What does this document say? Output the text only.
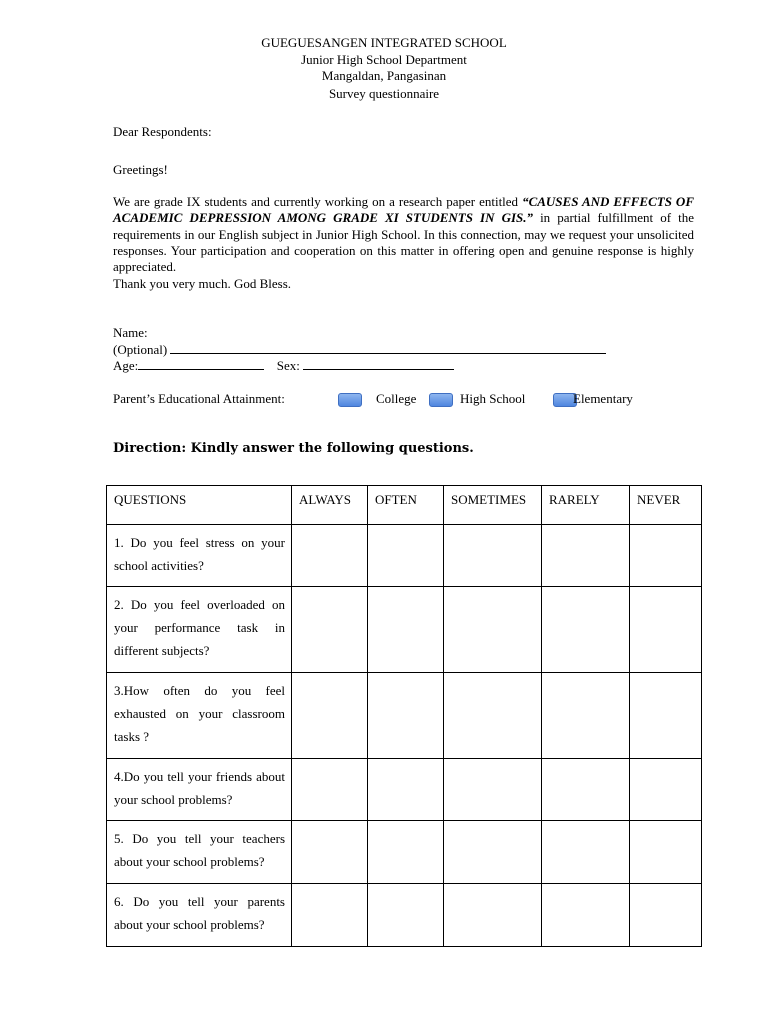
GUEGUESANGEN INTEGRATED SCHOOL
Junior High School Department
Mangaldan, Pangasinan
Survey questionnaire
Dear Respondents:
Greetings!
We are grade IX students and currently working on a research paper entitled “CAUSES AND EFFECTS OF ACADEMIC DEPRESSION AMONG GRADE XI STUDENTS IN GIS.” in partial fulfillment of the requirements in our English subject in Junior High School. In this connection, may we request your unsolicited responses. Your participation and cooperation on this matter in offering open and genuine response is highly appreciated.
Thank you very much. God Bless.
Name:
(Optional)
Age:	Sex:
Parent’s Educational Attainment:	College	High School	Elementary
Direction: Kindly answer the following questions.
QUESTIONS	ALWAYS	OFTEN	SOMETIMES	RARELY	NEVER
1. Do you feel stress on your school activities?					
2. Do you feel overloaded on your performance task in different subjects?					
3.How often do you feel exhausted on your classroom tasks ?					
4.Do you tell your friends about your school problems?					
5. Do you tell your teachers about your school problems?					
6. Do you tell your parents about your school problems?					
